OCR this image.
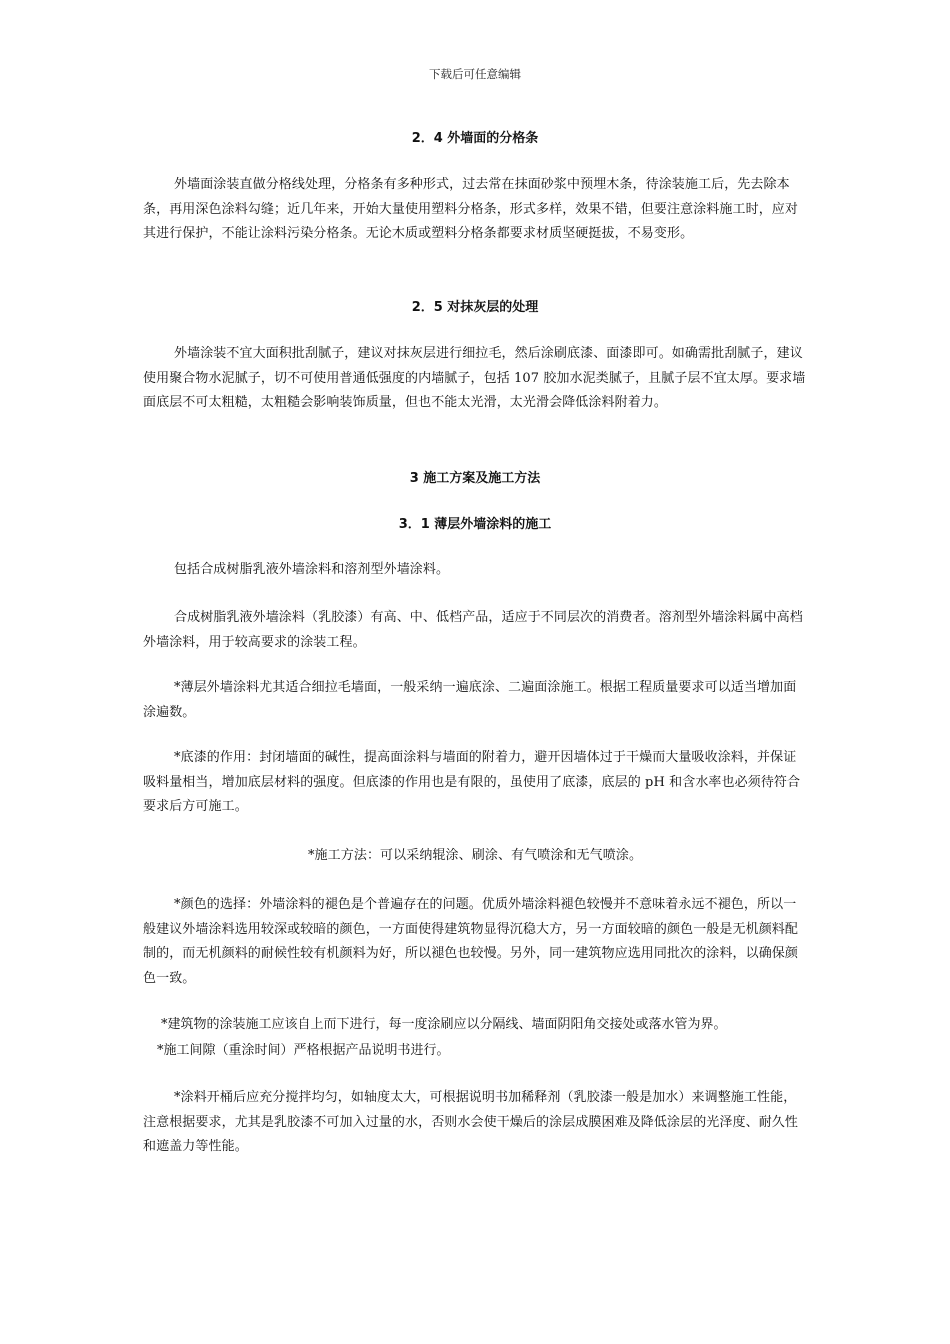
下载后可任意编辑
2．4 外墙面的分格条

外墙面涂装直做分格线处理，分格条有多种形式，过去常在抹面砂浆中预埋木条，待涂装施工后，先去除本条，再用深色涂料勾缝；近几年来，开始大量使用塑料分格条，形式多样，效果不错，但要注意涂料施工时，应对其进行保护，不能让涂料污染分格条。无论木质或塑料分格条都要求材质坚硬挺拔，不易变形。

2．5 对抹灰层的处理

外墙涂装不宜大面积批刮腻子，建议对抹灰层进行细拉毛，然后涂刷底漆、面漆即可。如确需批刮腻子，建议使用聚合物水泥腻子，切不可使用普通低强度的内墙腻子，包括 107 胶加水泥类腻子，且腻子层不宜太厚。要求墙面底层不可太粗糙，太粗糙会影响装饰质量，但也不能太光滑，太光滑会降低涂料附着力。

3 施工方案及施工方法
3．1 薄层外墙涂料的施工

包括合成树脂乳液外墙涂料和溶剂型外墙涂料。

合成树脂乳液外墙涂料（乳胶漆）有高、中、低档产品，适应于不同层次的消费者。溶剂型外墙涂料属中高档外墙涂料，用于较高要求的涂装工程。

*薄层外墙涂料尤其适合细拉毛墙面，一般采纳一遍底涂、二遍面涂施工。根据工程质量要求可以适当增加面涂遍数。

*底漆的作用：封闭墙面的碱性，提高面涂料与墙面的附着力，避开因墙体过于干燥而大量吸收涂料，并保证吸料量相当，增加底层材料的强度。但底漆的作用也是有限的，虽使用了底漆，底层的 pH 和含水率也必须待符合要求后方可施工。

*施工方法：可以采纳辊涂、刷涂、有气喷涂和无气喷涂。

*颜色的选择：外墙涂料的褪色是个普遍存在的问题。优质外墙涂料褪色较慢并不意味着永远不褪色，所以一般建议外墙涂料选用较深或较暗的颜色，一方面使得建筑物显得沉稳大方，另一方面较暗的颜色一般是无机颜料配制的，而无机颜料的耐候性较有机颜料为好，所以褪色也较慢。另外，同一建筑物应选用同批次的涂料，以确保颜色一致。

*建筑物的涂装施工应该自上而下进行，每一度涂刷应以分隔线、墙面阴阳角交接处或落水管为界。
*施工间隙（重涂时间）严格根据产品说明书进行。

*涂料开桶后应充分搅拌均匀，如轴度太大，可根据说明书加稀释剂（乳胶漆一般是加水）来调整施工性能，注意根据要求，尤其是乳胶漆不可加入过量的水，否则水会使干燥后的涂层成膜困难及降低涂层的光泽度、耐久性和遮盖力等性能。
